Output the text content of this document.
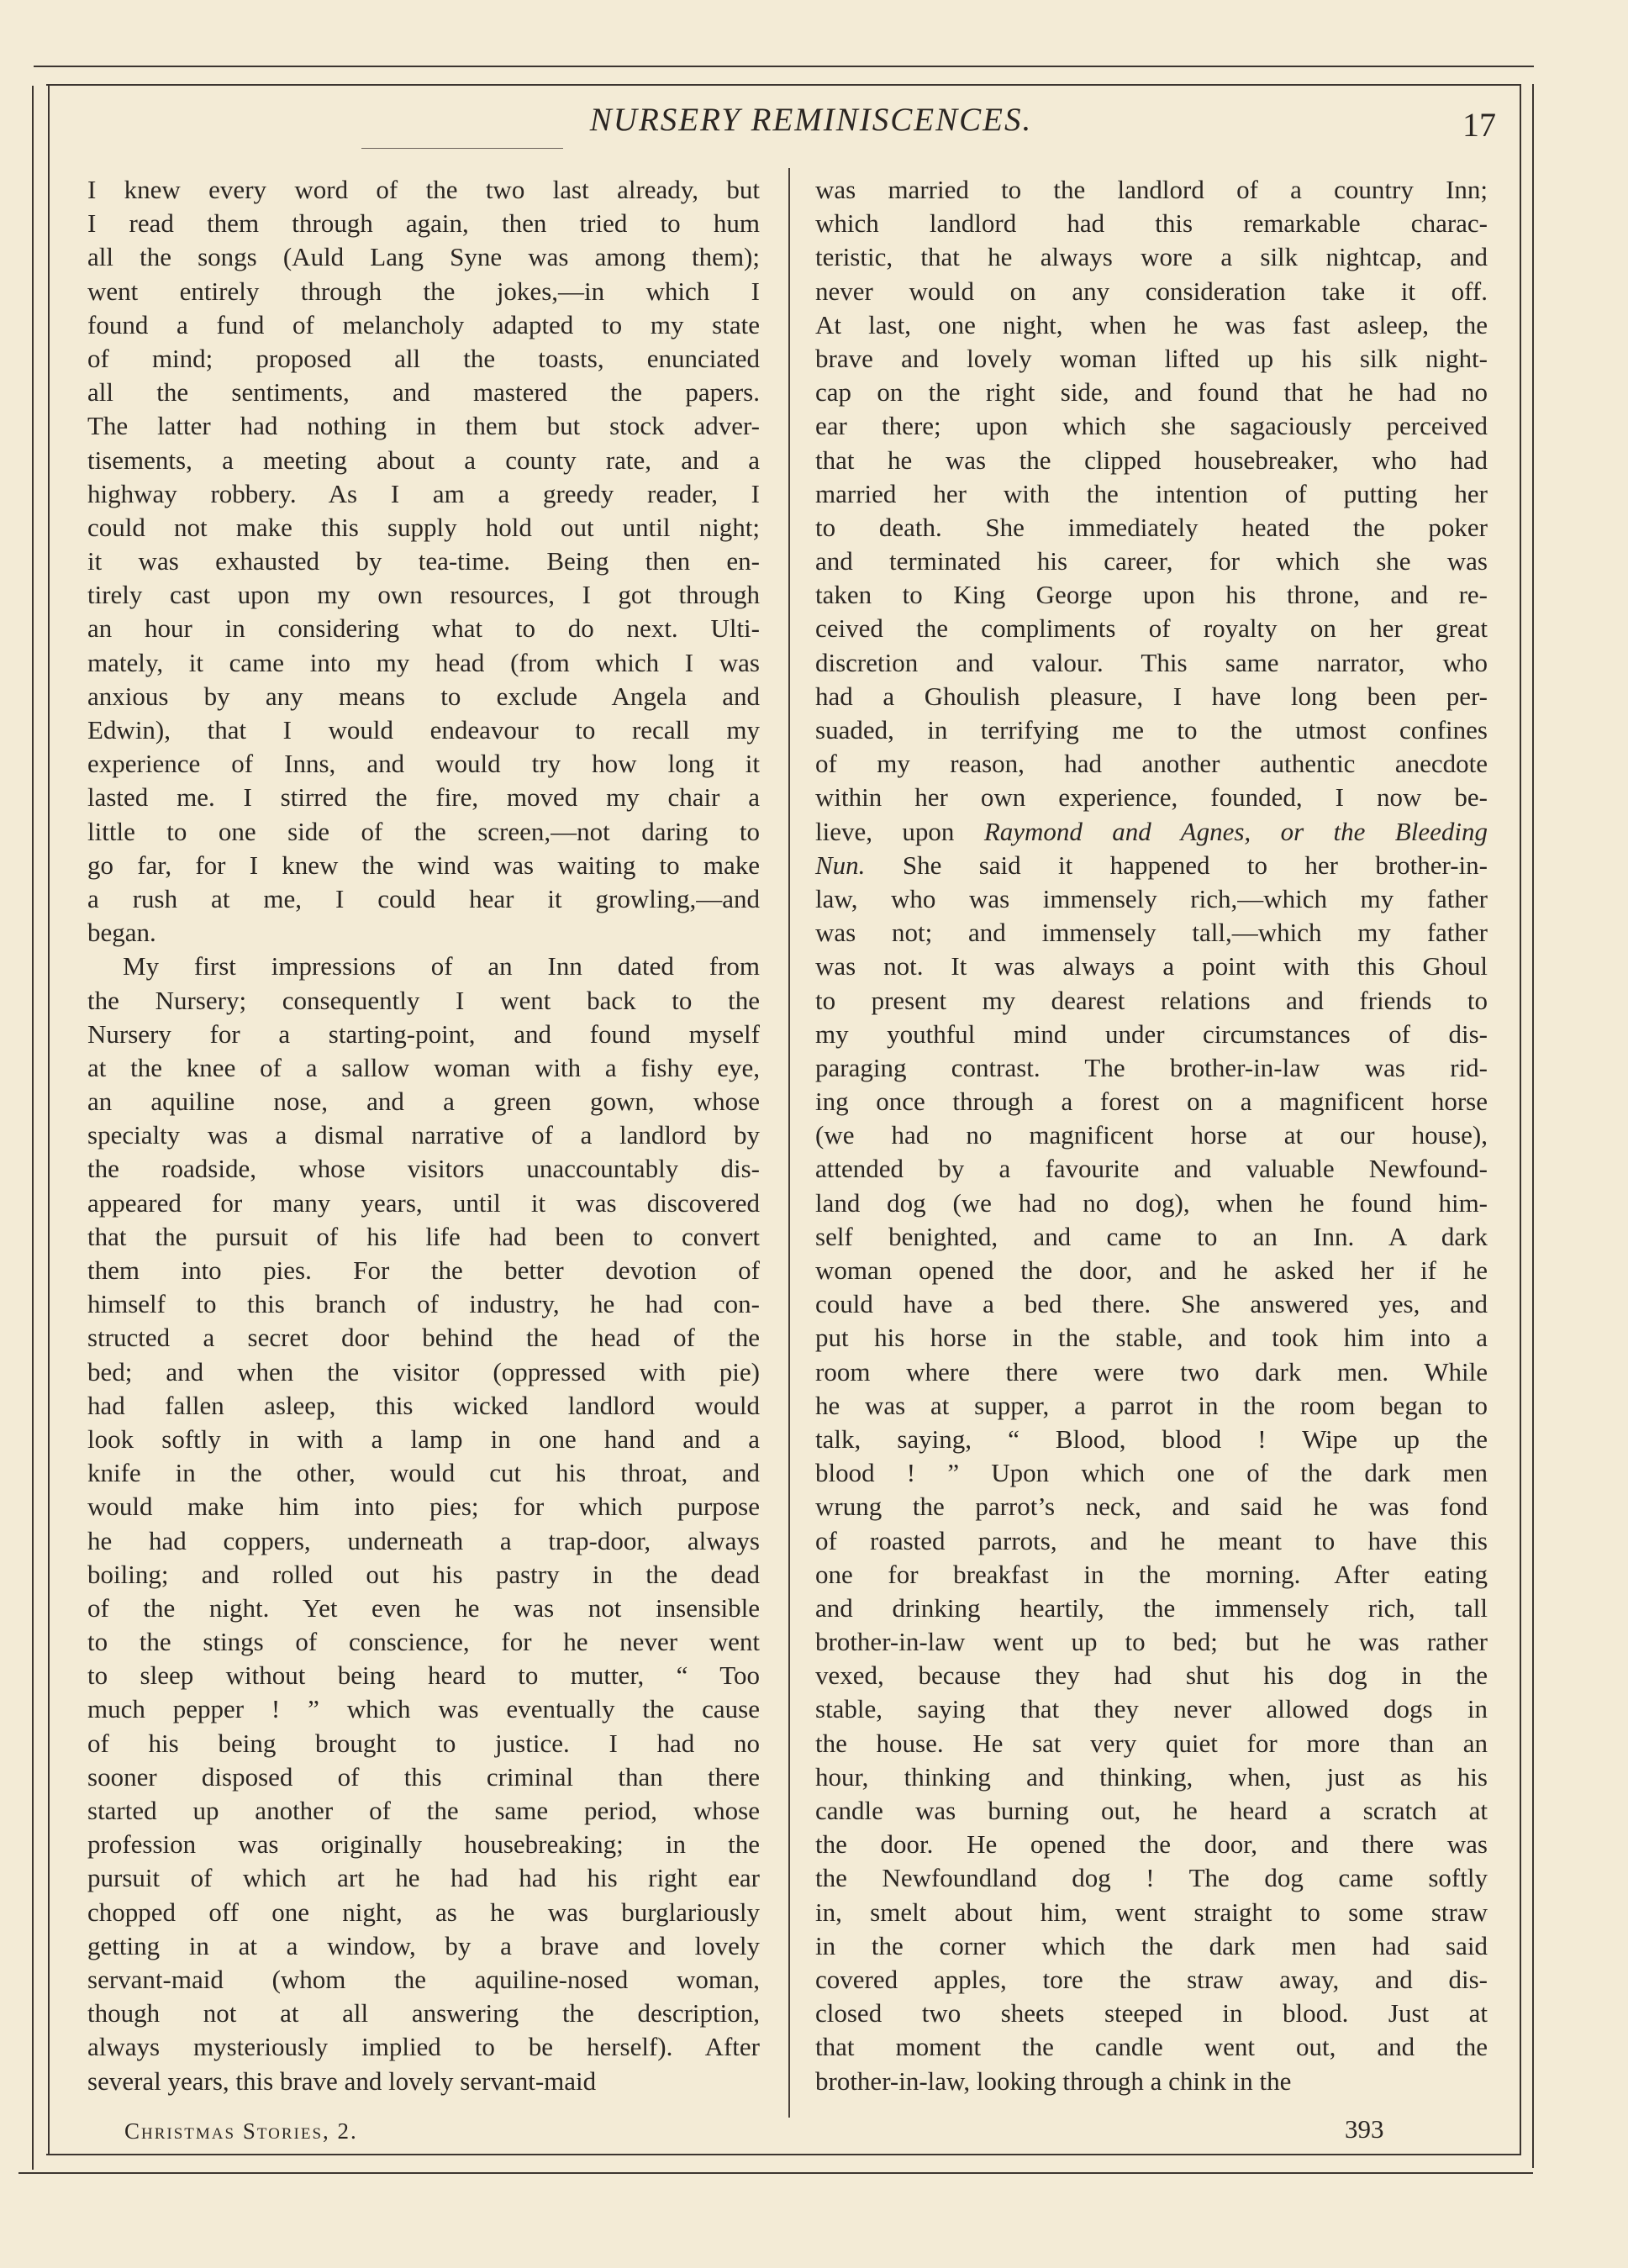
NURSERY REMINISCENCES.	17
I knew every word of the two last already, but
I read them through again, then tried to hum
all the songs (Auld Lang Syne was among them);
went entirely through the jokes,—in which I
found a fund of melancholy adapted to my state
of mind; proposed all the toasts, enunciated
all the sentiments, and mastered the papers.
The latter had nothing in them but stock adver-
tisements, a meeting about a county rate, and a
highway robbery. As I am a greedy reader, I
could not make this supply hold out until night;
it was exhausted by tea-time. Being then en-
tirely cast upon my own resources, I got through
an hour in considering what to do next. Ulti-
mately, it came into my head (from which I was
anxious by any means to exclude Angela and
Edwin), that I would endeavour to recall my
experience of Inns, and would try how long it
lasted me. I stirred the fire, moved my chair a
little to one side of the screen,—not daring to
go far, for I knew the wind was waiting to make
a rush at me, I could hear it growling,—and
began.
My first impressions of an Inn dated from
the Nursery; consequently I went back to the
Nursery for a starting-point, and found myself
at the knee of a sallow woman with a fishy eye,
an aquiline nose, and a green gown, whose
specialty was a dismal narrative of a landlord by
the roadside, whose visitors unaccountably dis-
appeared for many years, until it was discovered
that the pursuit of his life had been to convert
them into pies. For the better devotion of
himself to this branch of industry, he had con-
structed a secret door behind the head of the
bed; and when the visitor (oppressed with pie)
had fallen asleep, this wicked landlord would
look softly in with a lamp in one hand and a
knife in the other, would cut his throat, and
would make him into pies; for which purpose
he had coppers, underneath a trap-door, always
boiling; and rolled out his pastry in the dead
of the night. Yet even he was not insensible
to the stings of conscience, for he never went
to sleep without being heard to mutter, “ Too
much pepper ! ” which was eventually the cause
of his being brought to justice. I had no
sooner disposed of this criminal than there
started up another of the same period, whose
profession was originally housebreaking; in the
pursuit of which art he had had his right ear
chopped off one night, as he was burglariously
getting in at a window, by a brave and lovely
servant-maid (whom the aquiline-nosed woman,
though not at all answering the description,
always mysteriously implied to be herself). After
several years, this brave and lovely servant-maid
was married to the landlord of a country Inn;
which landlord had this remarkable charac-
teristic, that he always wore a silk nightcap, and
never would on any consideration take it off.
At last, one night, when he was fast asleep, the
brave and lovely woman lifted up his silk night-
cap on the right side, and found that he had no
ear there; upon which she sagaciously perceived
that he was the clipped housebreaker, who had
married her with the intention of putting her
to death. She immediately heated the poker
and terminated his career, for which she was
taken to King George upon his throne, and re-
ceived the compliments of royalty on her great
discretion and valour. This same narrator, who
had a Ghoulish pleasure, I have long been per-
suaded, in terrifying me to the utmost confines
of my reason, had another authentic anecdote
within her own experience, founded, I now be-
lieve, upon Raymond and Agnes, or the Bleeding
Nun. She said it happened to her brother-in-
law, who was immensely rich,—which my father
was not; and immensely tall,—which my father
was not. It was always a point with this Ghoul
to present my dearest relations and friends to
my youthful mind under circumstances of dis-
paraging contrast. The brother-in-law was rid-
ing once through a forest on a magnificent horse
(we had no magnificent horse at our house),
attended by a favourite and valuable Newfound-
land dog (we had no dog), when he found him-
self benighted, and came to an Inn. A dark
woman opened the door, and he asked her if he
could have a bed there. She answered yes, and
put his horse in the stable, and took him into a
room where there were two dark men. While
he was at supper, a parrot in the room began to
talk, saying, “ Blood, blood ! Wipe up the
blood ! ” Upon which one of the dark men
wrung the parrot’s neck, and said he was fond
of roasted parrots, and he meant to have this
one for breakfast in the morning. After eating
and drinking heartily, the immensely rich, tall
brother-in-law went up to bed; but he was rather
vexed, because they had shut his dog in the
stable, saying that they never allowed dogs in
the house. He sat very quiet for more than an
hour, thinking and thinking, when, just as his
candle was burning out, he heard a scratch at
the door. He opened the door, and there was
the Newfoundland dog ! The dog came softly
in, smelt about him, went straight to some straw
in the corner which the dark men had said
covered apples, tore the straw away, and dis-
closed two sheets steeped in blood. Just at
that moment the candle went out, and the
brother-in-law, looking through a chink in the
Christmas Stories, 2.	393
